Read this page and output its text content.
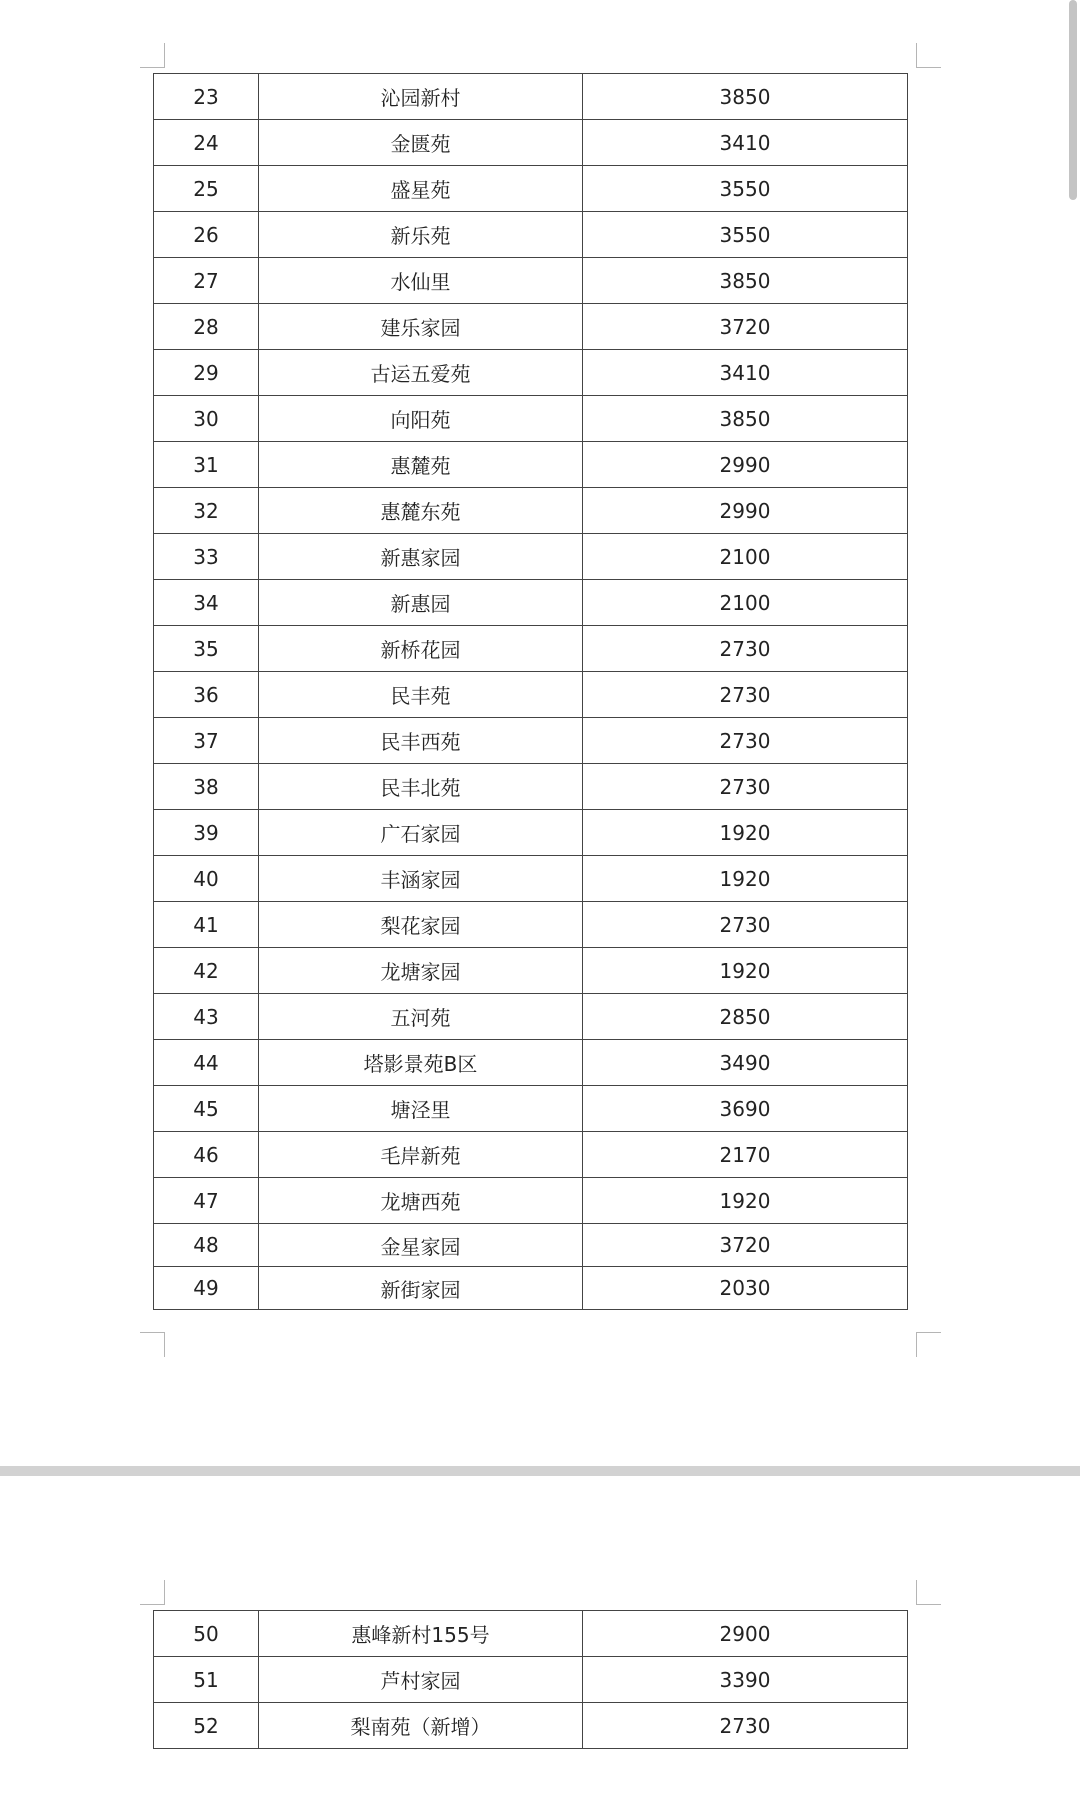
23	沁园新村	3850
24	金匮苑	3410
25	盛星苑	3550
26	新乐苑	3550
27	水仙里	3850
28	建乐家园	3720
29	古运五爱苑	3410
30	向阳苑	3850
31	惠麓苑	2990
32	惠麓东苑	2990
33	新惠家园	2100
34	新惠园	2100
35	新桥花园	2730
36	民丰苑	2730
37	民丰西苑	2730
38	民丰北苑	2730
39	广石家园	1920
40	丰涵家园	1920
41	梨花家园	2730
42	龙塘家园	1920
43	五河苑	2850
44	塔影景苑B区	3490
45	塘泾里	3690
46	毛岸新苑	2170
47	龙塘西苑	1920
48	金星家园	3720
49	新街家园	2030
50	惠峰新村155号	2900
51	芦村家园	3390
52	梨南苑（新增）	2730
